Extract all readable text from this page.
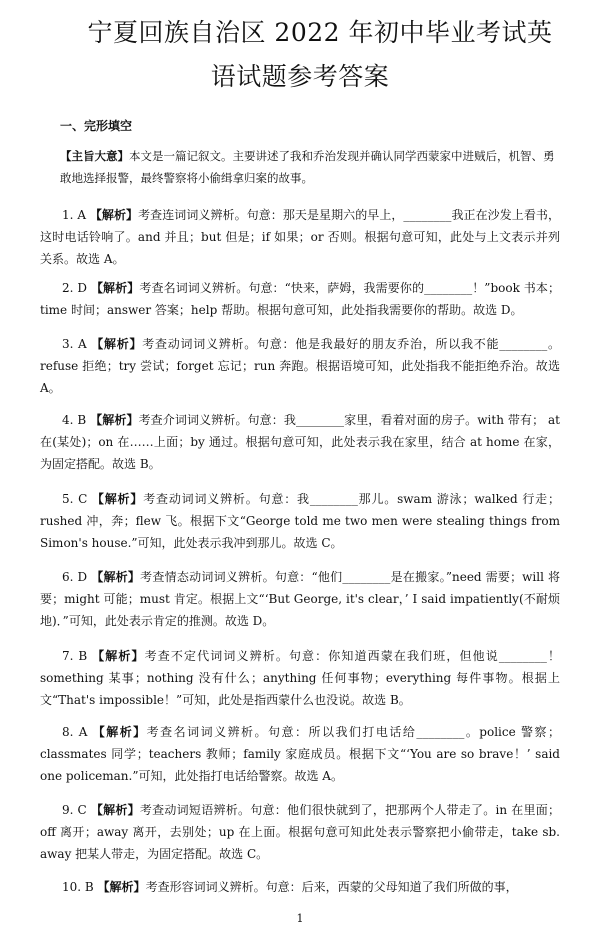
宁夏回族自治区 2022 年初中毕业考试英
语试题参考答案
一、完形填空
【主旨大意】本文是一篇记叙文。主要讲述了我和乔治发现并确认同学西蒙家中进贼后，机智、勇敢地选择报警，最终警察将小偷缉拿归案的故事。
1. A 【解析】考查连词词义辨析。句意：那天是星期六的早上，________我正在沙发上看书，这时电话铃响了。and 并且；but 但是；if 如果；or 否则。根据句意可知，此处与上文表示并列关系。故选 A。
2. D 【解析】考查名词词义辨析。句意：“快来，萨姆，我需要你的________！”book 书本；time 时间；answer 答案；help 帮助。根据句意可知，此处指我需要你的帮助。故选 D。
3. A 【解析】考查动词词义辨析。句意：他是我最好的朋友乔治，所以我不能________。refuse 拒绝；try 尝试；forget 忘记；run 奔跑。根据语境可知，此处指我不能拒绝乔治。故选 A。
4. B 【解析】考查介词词义辨析。句意：我________家里，看着对面的房子。with 带有； at 在(某处)；on 在……上面；by 通过。根据句意可知，此处表示我在家里，结合 at home 在家，为固定搭配。故选 B。
5. C 【解析】考查动词词义辨析。句意：我________那儿。swam 游泳；walked 行走；rushed 冲，奔；flew 飞。根据下文“George told me two men were stealing things from Simon's house.”可知，此处表示我冲到那儿。故选 C。
6. D 【解析】考查情态动词词义辨析。句意：“他们________是在搬家。”need 需要；will 将要；might 可能；must 肯定。根据上文“‘But George, it's clear，’ I said impatiently(不耐烦地)．”可知，此处表示肯定的推测。故选 D。
7. B 【解析】考查不定代词词义辨析。句意：你知道西蒙在我们班，但他说________！something 某事；nothing 没有什么；anything 任何事物；everything 每件事物。根据上文“That's impossible！”可知，此处是指西蒙什么也没说。故选 B。
8. A 【解析】考查名词词义辨析。句意：所以我们打电话给________。police 警察；classmates 同学；teachers 教师；family 家庭成员。根据下文“‘You are so brave！’ said one policeman.”可知，此处指打电话给警察。故选 A。
9. C 【解析】考查动词短语辨析。句意：他们很快就到了，把那两个人带走了。in 在里面；off 离开；away 离开，去别处；up 在上面。根据句意可知此处表示警察把小偷带走，take sb. away 把某人带走，为固定搭配。故选 C。
10. B 【解析】考查形容词词义辨析。句意：后来，西蒙的父母知道了我们所做的事，
1
